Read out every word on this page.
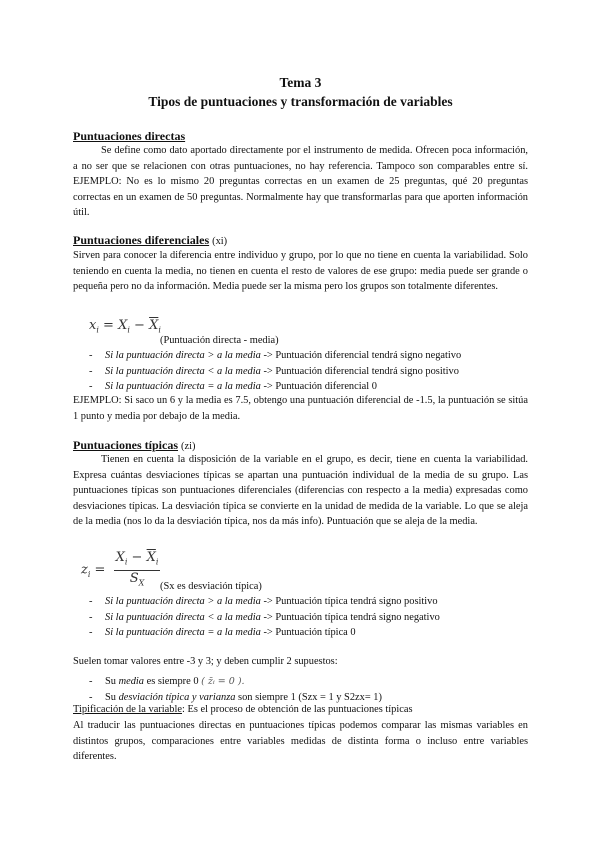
Tema 3
Tipos de puntuaciones y transformación de variables
Puntuaciones directas

Se define como dato aportado directamente por el instrumento de medida. Ofrecen poca información, a no ser que se relacionen con otras puntuaciones, no hay referencia. Tampoco son comparables entre sí. EJEMPLO: No es lo mismo 20 preguntas correctas en un examen de 25 preguntas, qué 20 preguntas correctas en un examen de 50 preguntas. Normalmente hay que transformarlas para que aporten información útil.

Puntuaciones diferenciales (xi)

Sirven para conocer la diferencia entre individuo y grupo, por lo que no tiene en cuenta la variabilidad. Solo teniendo en cuenta la media, no tienen en cuenta el resto de valores de ese grupo: media puede ser grande o pequeña pero no da información. Media puede ser la misma pero los grupos son totalmente diferentes.

$x_i = X_i - \overline{X}_i$
(Puntuación directa - media)
- Si la puntuación directa > a la media -> Puntuación diferencial tendrá signo negativo
- Si la puntuación directa < a la media -> Puntuación diferencial tendrá signo positivo
- Si la puntuación directa = a la media -> Puntuación diferencial 0

EJEMPLO: Si saco un 6 y la media es 7.5, obtengo una puntuación diferencial de -1.5, la puntuación se sitúa 1 punto y media por debajo de la media.

Puntuaciones típicas (zi)

Tienen en cuenta la disposición de la variable en el grupo, es decir, tiene en cuenta la variabilidad. Expresa cuántas desviaciones típicas se apartan una puntuación individual de la media de su grupo. Las puntuaciones típicas son puntuaciones diferenciales (diferencias con respecto a la media) expresadas como desviaciones típicas. La desviación típica se convierte en la unidad de medida de la variable. Lo que se aleja de la media (nos lo da la desviación típica, nos da más info). Puntuación que se aleja de la media.

$z_i = \frac{X_i - \overline{X}_i}{S_X} (Sx$ es desviación típica)
- Si la puntuación directa > a la media -> Puntuación típica tendrá signo positivo
- Si la puntuación directa < a la media -> Puntuación típica tendrá signo negativo
- Si la puntuación directa = a la media -> Puntuación típica 0

Suelen tomar valores entre -3 y 3; y deben cumplir 2 supuestos:

- Su media es siempre 0 ( z̄ᵢ = 0 ).
- Su desviación típica y varianza son siempre 1 (Szx = 1 y S2zx= 1)

Tipificación de la variable: Es el proceso de obtención de las puntuaciones típicas

Al traducir las puntuaciones directas en puntuaciones típicas podemos comparar las mismas variables en distintos grupos, comparaciones entre variables medidas de distinta forma o incluso entre variables diferentes.
